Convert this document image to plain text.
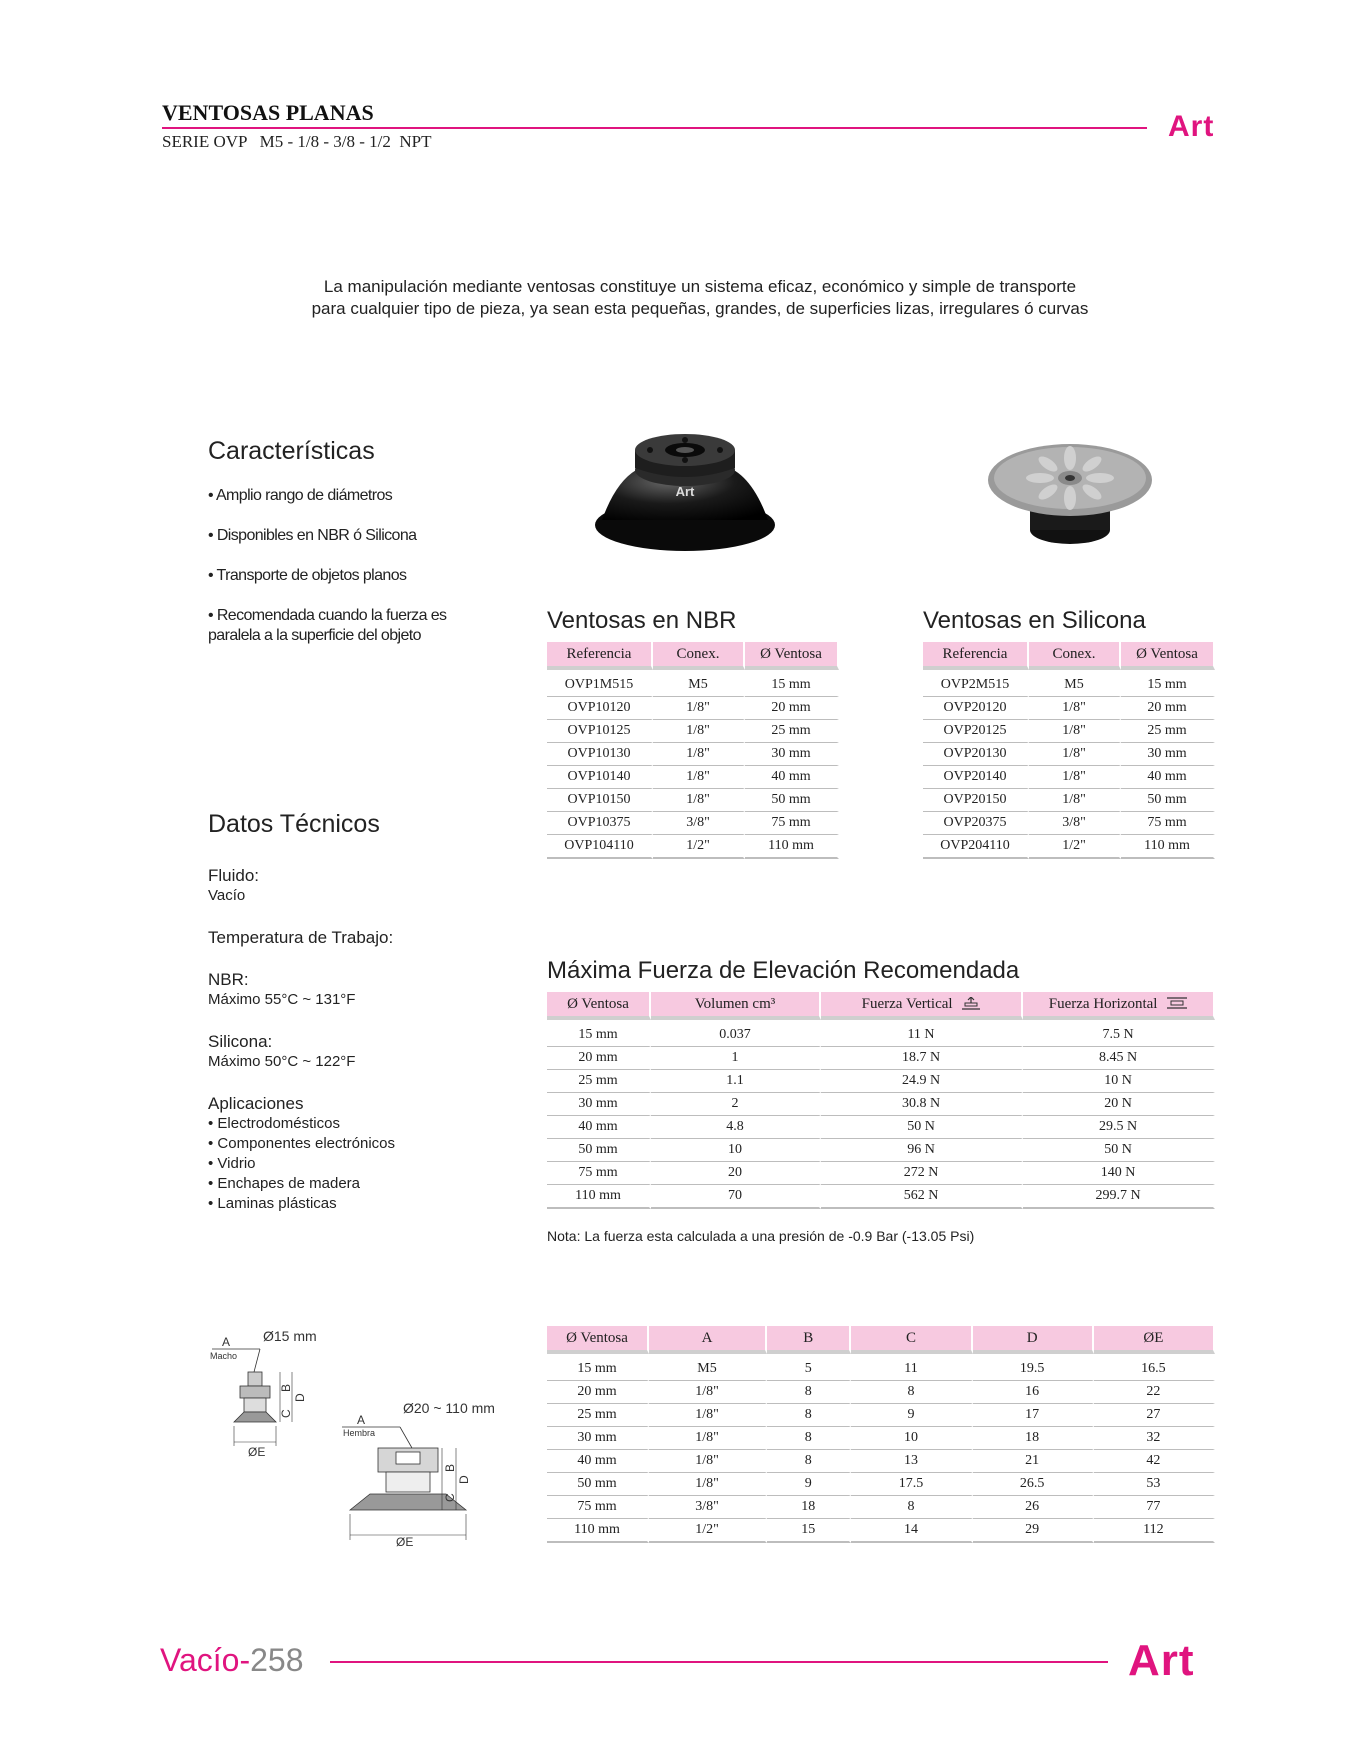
VENTOSAS PLANAS
SERIE OVP   M5 - 1/8 - 3/8 - 1/2  NPT	Art
La manipulación mediante ventosas constituye un sistema eficaz, económico y simple de transporte
para cualquier tipo de pieza, ya sean esta pequeñas, grandes, de superficies lizas, irregulares ó curvas
Características
• Amplio rango de diámetros
• Disponibles en NBR ó Silicona
• Transporte de objetos planos
• Recomendada cuando la fuerza es paralela a la superficie del objeto
Art
Ventosas en NBR
Referencia	Conex.	Ø Ventosa
OVP1M515	M5	15 mm
OVP10120	1/8"	20 mm
OVP10125	1/8"	25 mm
OVP10130	1/8"	30 mm
OVP10140	1/8"	40 mm
OVP10150	1/8"	50 mm
OVP10375	3/8"	75 mm
OVP104110	1/2"	110 mm
Ventosas en Silicona
Referencia	Conex.	Ø Ventosa
OVP2M515	M5	15 mm
OVP20120	1/8"	20 mm
OVP20125	1/8"	25 mm
OVP20130	1/8"	30 mm
OVP20140	1/8"	40 mm
OVP20150	1/8"	50 mm
OVP20375	3/8"	75 mm
OVP204110	1/2"	110 mm
Datos Técnicos

Fluido:

Vacío

Temperatura de Trabajo:

NBR:

Máximo 55°C ~ 131°F

Silicona:

Máximo 50°C ~ 122°F

Aplicaciones

• Electrodomésticos

• Componentes electrónicos

• Vidrio

• Enchapes de madera

• Laminas plásticas

Máxima Fuerza de Elevación Recomendada
Ø Ventosa	Volumen cm³	Fuerza Vertical	Fuerza Horizontal
15 mm	0.037	11 N	7.5 N
20 mm	1	18.7 N	8.45 N
25 mm	1.1	24.9 N	10 N
30 mm	2	30.8 N	20 N
40 mm	4.8	50 N	29.5 N
50 mm	10	96 N	50 N
75 mm	20	272 N	140 N
110 mm	70	562 N	299.7 N
Nota: La fuerza esta calculada a una presión de -0.9 Bar (-13.05 Psi)
Ø15 mm
A
Macho
ØE
B
C
D
Ø20 ~ 110 mm
A
Hembra
ØE
B
C
D
Ø Ventosa	A	B	C	D	ØE
15 mm	M5	5	11	19.5	16.5
20 mm	1/8"	8	8	16	22
25 mm	1/8"	8	9	17	27
30 mm	1/8"	8	10	18	32
40 mm	1/8"	8	13	21	42
50 mm	1/8"	9	17.5	26.5	53
75 mm	3/8"	18	8	26	77
110 mm	1/2"	15	14	29	112
Vacío-258	Art
